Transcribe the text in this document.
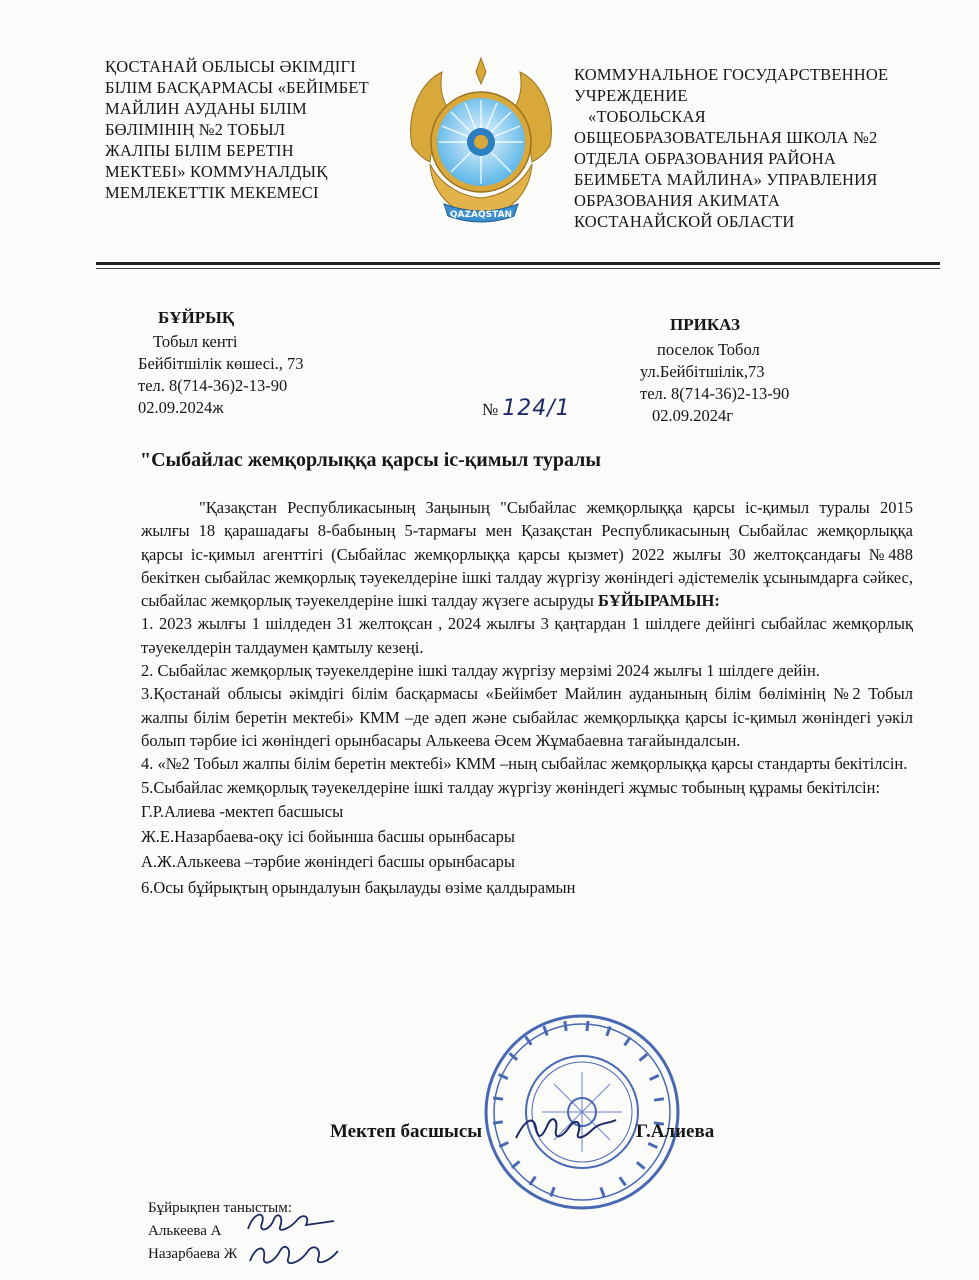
ҚОСТАНАЙ ОБЛЫСЫ ӘКІМДІГІ
БІЛІМ БАСҚАРМАСЫ «БЕЙІМБЕТ
МАЙЛИН АУДАНЫ БІЛІМ
БӨЛІМІНІҢ №2 ТОБЫЛ
ЖАЛПЫ БІЛІМ БЕРЕТІН
МЕКТЕБІ» КОММУНАЛДЫҚ
МЕМЛЕКЕТТІК МЕКЕМЕСІ
QAZAQSTAN
КОММУНАЛЬНОЕ ГОСУДАРСТВЕННОЕ
УЧРЕЖДЕНИЕ
«ТОБОЛЬСКАЯ
ОБЩЕОБРАЗОВАТЕЛЬНАЯ ШКОЛА №2
ОТДЕЛА ОБРАЗОВАНИЯ РАЙОНА
БЕИМБЕТА МАЙЛИНА» УПРАВЛЕНИЯ
ОБРАЗОВАНИЯ АКИМАТА
КОСТАНАЙСКОЙ ОБЛАСТИ
БҰЙРЫҚ
Тобыл кенті
Бейбітшілік көшесі., 73
тел. 8(714-36)2-13-90
02.09.2024ж
ПРИКАЗ
поселок Тобол
ул.Бейбітшілік,73
тел. 8(714-36)2-13-90
02.09.2024г
№ 124/1
"Сыбайлас жемқорлыққа қарсы іс-қимыл туралы

"Қазақстан Республикасының Заңының "Сыбайлас жемқорлыққа қарсы іс-қимыл туралы 2015 жылғы 18 қарашадағы 8-бабының 5-тармағы мен Қазақстан Республикасының Сыбайлас жемқорлыққа қарсы іс-қимыл агенттігі (Сыбайлас жемқорлыққа қарсы қызмет) 2022 жылғы 30 желтоқсандағы №488 бекіткен сыбайлас жемқорлық тәуекелдеріне ішкі талдау жүргізу жөніндегі әдістемелік ұсынымдарға сәйкес, сыбайлас жемқорлық тәуекелдеріне ішкі талдау жүзеге асыруды БҰЙЫРАМЫН:

1. 2023 жылғы 1 шілдеден 31 желтоқсан , 2024 жылғы 3 қаңтардан 1 шілдеге дейінгі сыбайлас жемқорлық тәуекелдерін талдаумен қамтылу кезеңі.

2. Сыбайлас жемқорлық тәуекелдеріне ішкі талдау жүргізу мерзімі 2024 жылғы 1 шілдеге дейін.

3.Қостанай облысы әкімдігі білім басқармасы «Бейімбет Майлин ауданының білім бөлімінің №2 Тобыл жалпы білім беретін мектебі» КММ –де әдеп және сыбайлас жемқорлыққа қарсы іс-қимыл жөніндегі уәкіл болып тәрбие ісі жөніндегі орынбасары Алькеева Әсем Жұмабаевна тағайындалсын.

4. «№2 Тобыл жалпы білім беретін мектебі» КММ –ның сыбайлас жемқорлыққа қарсы стандарты бекітілсін.

5.Сыбайлас жемқорлық тәуекелдеріне ішкі талдау жүргізу жөніндегі жұмыс тобының құрамы бекітілсін:

Г.Р.Алиева -мектеп басшысы

Ж.Е.Назарбаева-оқу ісі бойынша басшы орынбасары

А.Ж.Алькеева –тәрбие жөніндегі басшы орынбасары

6.Осы бұйрықтың орындалуын бақылауды өзіме қалдырамын

Мектеп басшысы	Г.Алиева
Бұйрықпен таныстым:
Алькеева А
Назарбаева Ж
